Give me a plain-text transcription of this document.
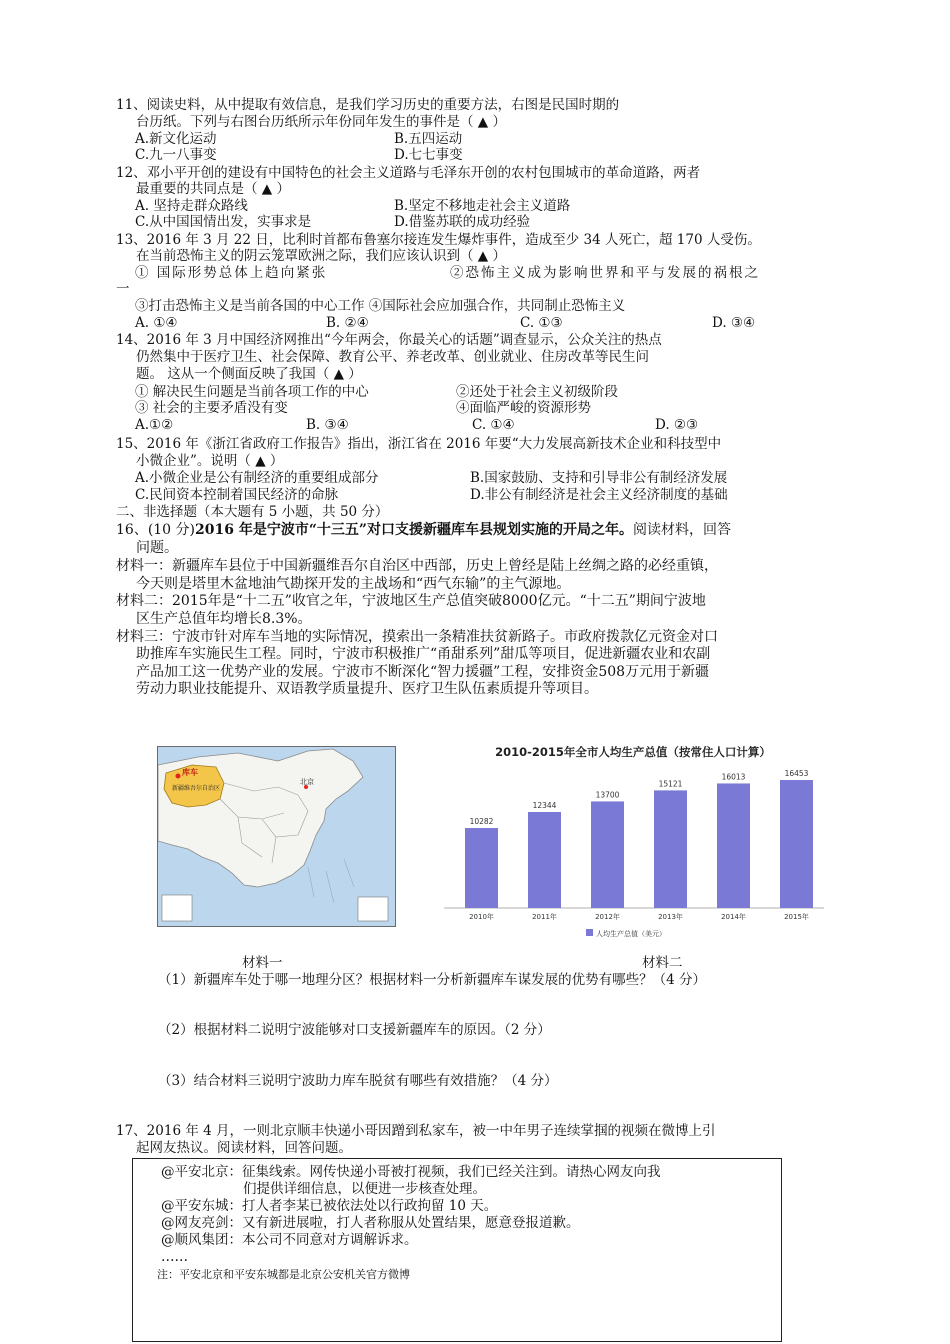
11、阅读史料，从中提取有效信息，是我们学习历史的重要方法，右图是民国时期的
台历纸。下列与右图台历纸所示年份同年发生的事件是（ ▲ ）
A.新文化运动	B.五四运动
C.九一八事变	D.七七事变
12、邓小平开创的建设有中国特色的社会主义道路与毛泽东开创的农村包围城市的革命道路，两者
最重要的共同点是（ ▲ ）
A. 坚持走群众路线	B.坚定不移地走社会主义道路
C.从中国国情出发，实事求是	D.借鉴苏联的成功经验
13、2016 年 3 月 22 日，比利时首都布鲁塞尔接连发生爆炸事件，造成至少 34 人死亡，超 170 人受伤。
在当前恐怖主义的阴云笼罩欧洲之际，我们应该认识到（ ▲ ）
① 国际形势总体上趋向紧张	②恐怖主义成为影响世界和平与发展的祸根之
一
③打击恐怖主义是当前各国的中心工作 ④国际社会应加强合作，共同制止恐怖主义
A. ①④	B. ②④	C. ①③	D. ③④
14、2016 年 3 月中国经济网推出“今年两会，你最关心的话题”调查显示，公众关注的热点
仍然集中于医疗卫生、社会保障、教育公平、养老改革、创业就业、住房改革等民生问
题。 这从一个侧面反映了我国（ ▲ ）
① 解决民生问题是当前各项工作的中心	②还处于社会主义初级阶段
③ 社会的主要矛盾没有变	④面临严峻的资源形势
A.①②	B. ③④	C. ①④	D. ②③
15、2016 年《浙江省政府工作报告》指出，浙江省在 2016 年要“大力发展高新技术企业和科技型中
小微企业”。说明（ ▲ ）
A.小微企业是公有制经济的重要组成部分	B.国家鼓励、支持和引导非公有制经济发展
C.民间资本控制着国民经济的命脉	D.非公有制经济是社会主义经济制度的基础
二、非选择题（本大题有 5 小题，共 50 分）
16、(10 分)2016 年是宁波市“十三五”对口支援新疆库车县规划实施的开局之年。阅读材料，回答
问题。
材料一：新疆库车县位于中国新疆维吾尔自治区中西部，历史上曾经是陆上丝绸之路的必经重镇，
今天则是塔里木盆地油气勘探开发的主战场和“西气东输”的主气源地。
材料二：2015年是“十二五”收官之年，宁波地区生产总值突破8000亿元。“十二五”期间宁波地
区生产总值年均增长8.3%。
材料三：宁波市针对库车当地的实际情况，摸索出一条精准扶贫新路子。市政府拨款亿元资金对口
助推库车实施民生工程。同时，宁波市积极推广“甬甜系列”甜瓜等项目，促进新疆农业和农副
产品加工这一优势产业的发展。宁波市不断深化“智力援疆”工程，安排资金508万元用于新疆
劳动力职业技能提升、双语教学质量提升、医疗卫生队伍素质提升等项目。
库车
新疆维吾尔自治区
北京
2010-2015年全市人均生产总值（按常住人口计算）
10282
2010年
12344
2011年
13700
2012年
15121
2013年
16013
2014年
16453
2015年
人均生产总值（美元）
材料一	材料二
（1）新疆库车处于哪一地理分区？根据材料一分析新疆库车谋发展的优势有哪些？（4 分）
（2）根据材料二说明宁波能够对口支援新疆库车的原因。（2 分）
（3）结合材料三说明宁波助力库车脱贫有哪些有效措施？（4 分）
17、2016 年 4 月，一则北京顺丰快递小哥因蹭到私家车，被一中年男子连续掌掴的视频在微博上引
起网友热议。阅读材料，回答问题。
@平安北京：征集线索。网传快递小哥被打视频，我们已经关注到。请热心网友向我
们提供详细信息，以便进一步核查处理。
@平安东城：打人者李某已被依法处以行政拘留 10 天。
@网友亮剑：又有新进展啦，打人者称服从处置结果，愿意登报道歉。
@顺风集团：本公司不同意对方调解诉求。
……
注：平安北京和平安东城都是北京公安机关官方微博
